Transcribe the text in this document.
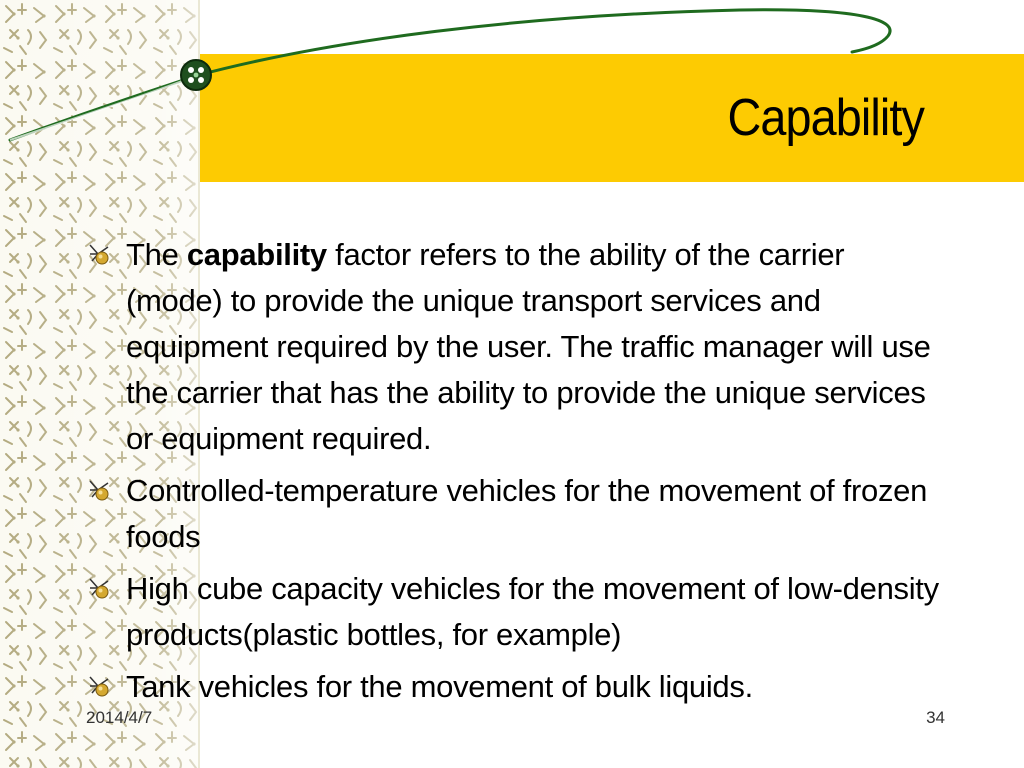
Capability
The capability factor refers to the ability of the carrier (mode) to provide the unique transport services and equipment required by the user. The traffic manager will use the carrier that has the ability to provide the unique services or equipment required.
Controlled-temperature vehicles for the movement of frozen foods
High cube capacity vehicles for the movement of low-density products(plastic bottles, for example)
Tank vehicles for the movement of bulk liquids.
2014/4/7	34
